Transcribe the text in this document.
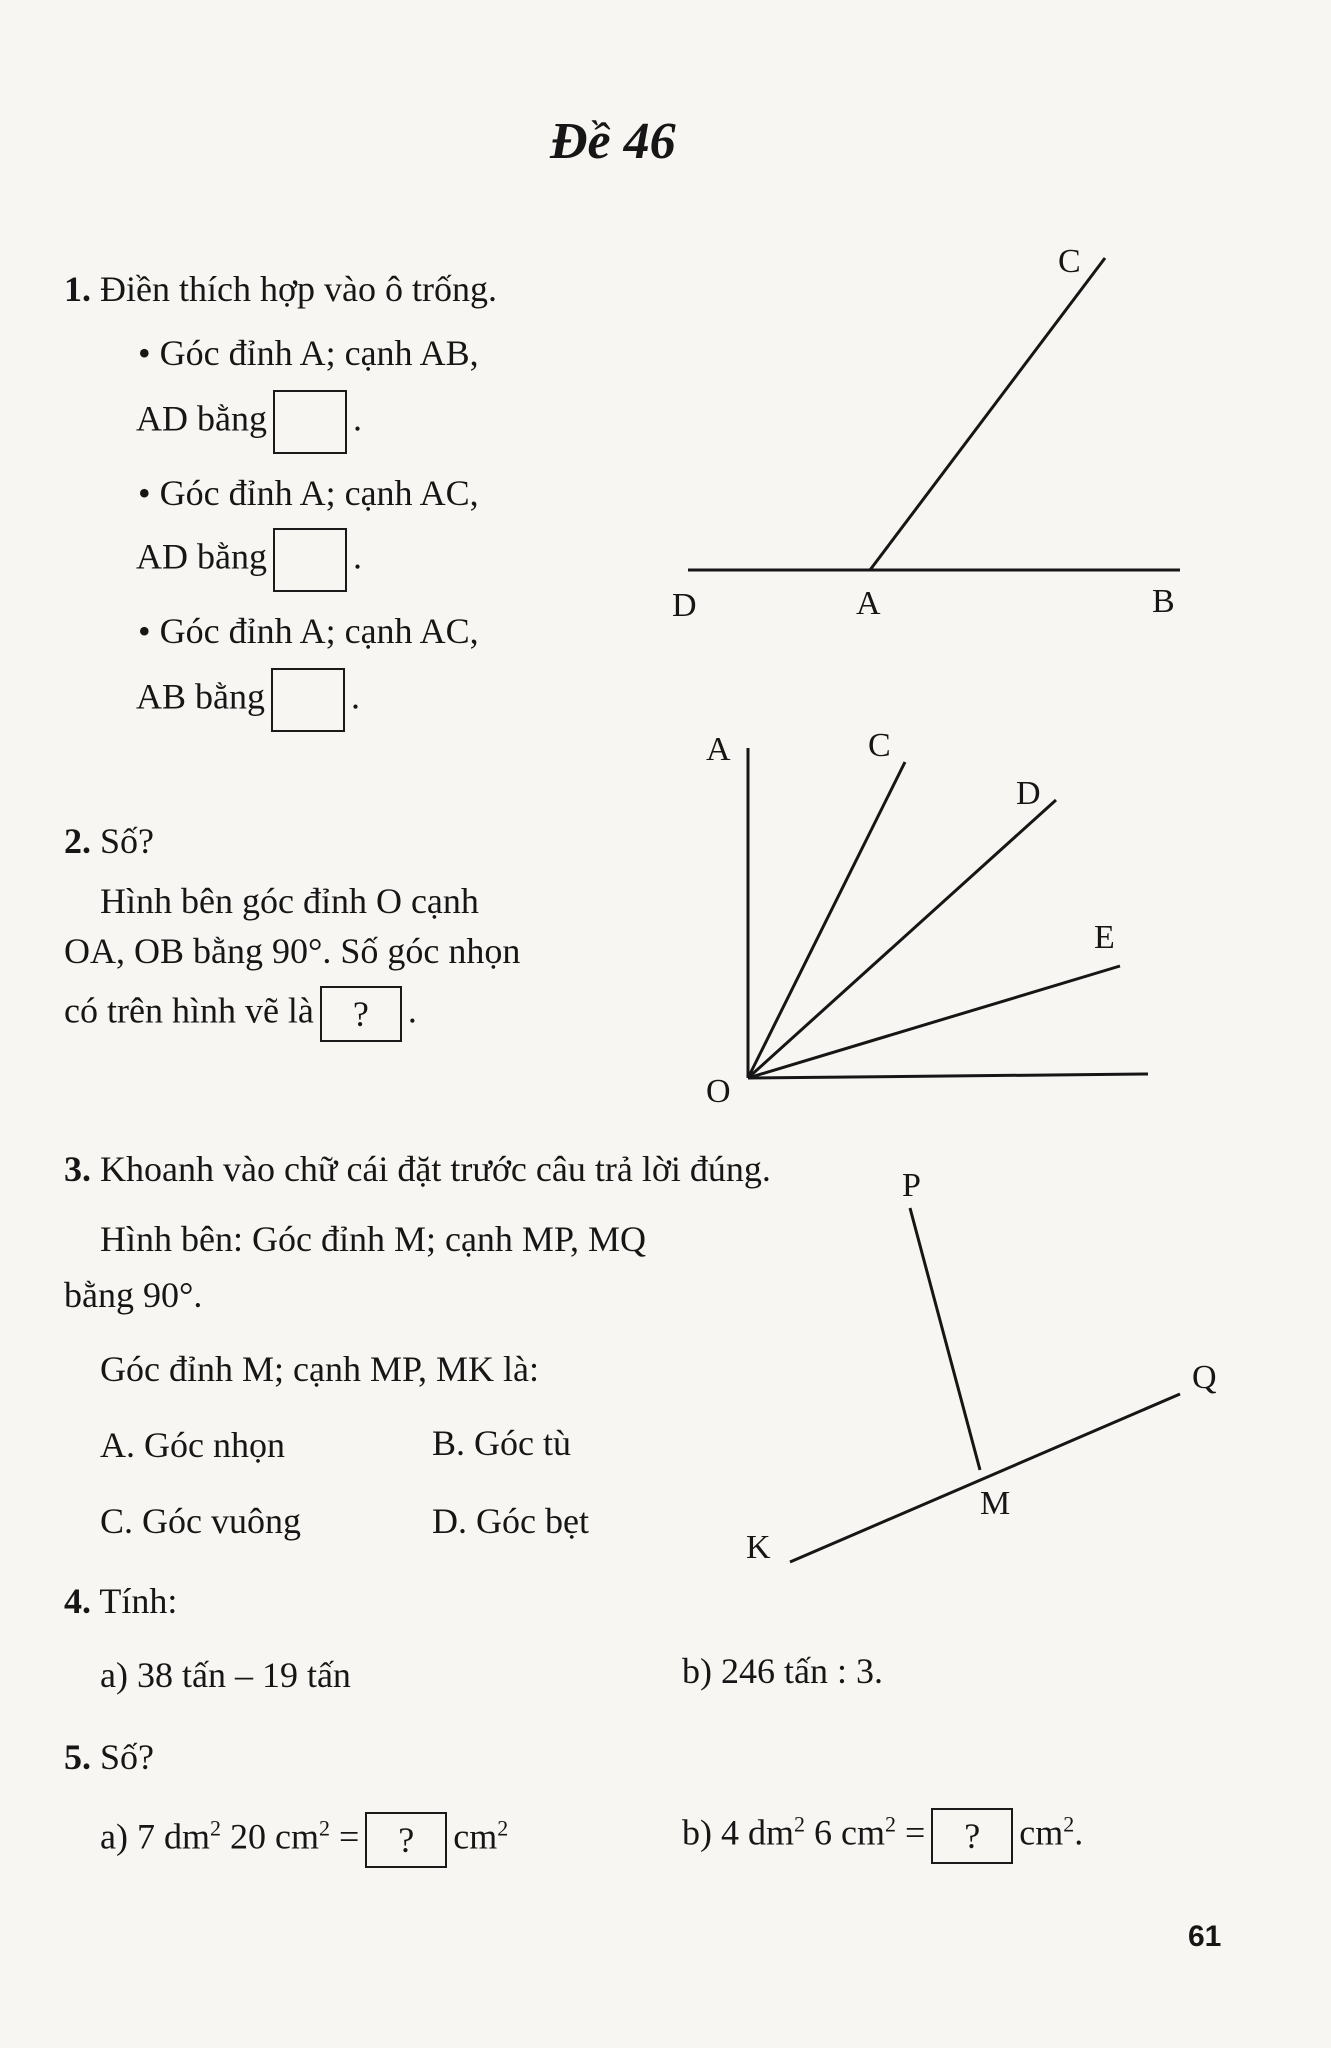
Đề 46
1. Điền thích hợp vào ô trống.
• Góc đỉnh A; cạnh AB,
AD bằng .
• Góc đỉnh A; cạnh AC,
AD bằng .
• Góc đỉnh A; cạnh AC,
AB bằng .
C
D	A	B
2. Số?
Hình bên góc đỉnh O cạnh
OA, OB bằng 90°. Số góc nhọn
có trên hình vẽ là ? .
A	C
D
E
O
3. Khoanh vào chữ cái đặt trước câu trả lời đúng.
Hình bên: Góc đỉnh M; cạnh MP, MQ
bằng 90°.
Góc đỉnh M; cạnh MP, MK là:
A. Góc nhọn	B. Góc tù
C. Góc vuông	D. Góc bẹt
P
Q
M
K
4. Tính:
a) 38 tấn – 19 tấn	b) 246 tấn : 3.
5. Số?
a) 7 $dm^2$ 20 $cm^2$ = ? $cm^2$	b) 4 $dm^2$ 6 $cm^2$ = ? $cm^2$.
61
